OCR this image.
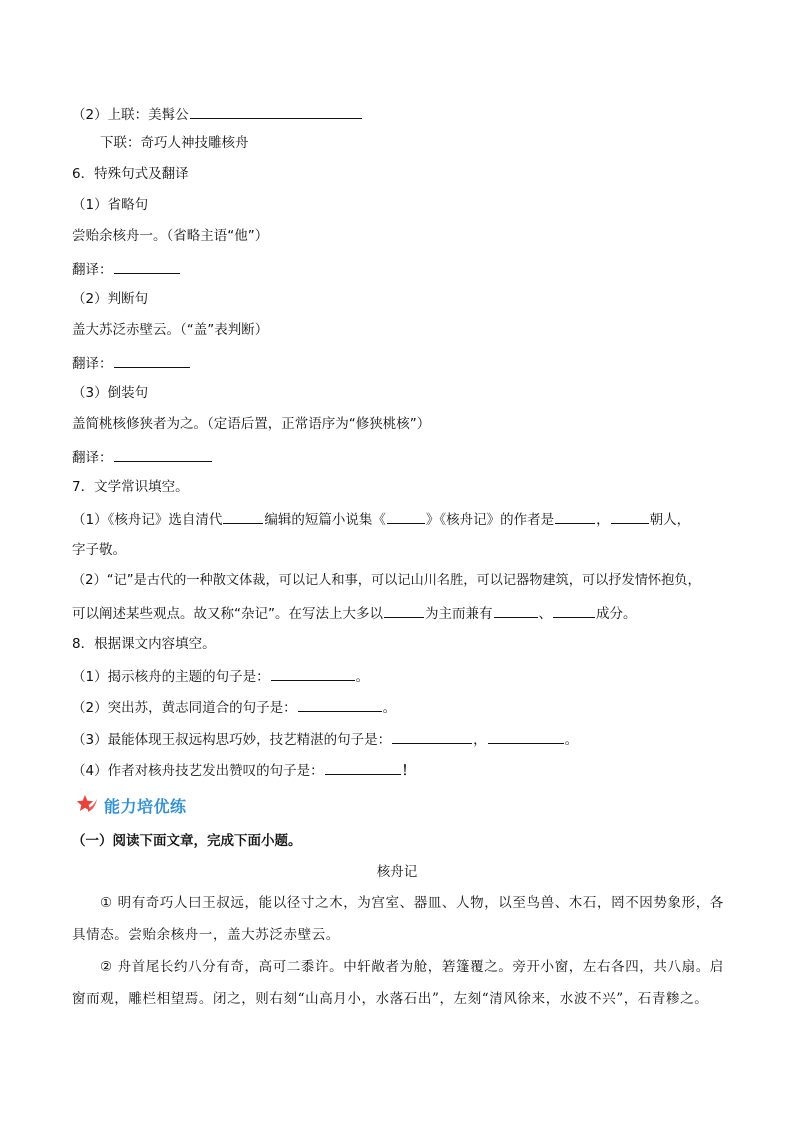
（2）上联：美髯公
下联：奇巧人神技雕核舟
6．特殊句式及翻译
（1）省略句
尝贻余核舟一。（省略主语“他”）
翻译：
（2）判断句
盖大苏泛赤壁云。（“盖”表判断）
翻译：
（3）倒装句
盖简桃核修狭者为之。（定语后置，正常语序为“修狭桃核”）
翻译：
7．文学常识填空。
（1）《核舟记》选自清代	编辑的短篇小说集《	》《核舟记》的作者是	，	朝人，
字子敬。
（2）“记”是古代的一种散文体裁，可以记人和事，可以记山川名胜，可以记器物建筑，可以抒发情怀抱负，
可以阐述某些观点。故又称“杂记”。在写法上大多以	为主而兼有	、	成分。
8．根据课文内容填空。
（1）揭示核舟的主题的句子是：	。
（2）突出苏，黄志同道合的句子是：	。
（3）最能体现王叔远构思巧妙，技艺精湛的句子是：	，	。
（4）作者对核舟技艺发出赞叹的句子是：	！
能力培优练
（一）阅读下面文章，完成下面小题。
核舟记
① 明有奇巧人曰王叔远，能以径寸之木，为宫室、器皿、人物，以至鸟兽、木石，罔不因势象形，各
具情态。尝贻余核舟一，盖大苏泛赤壁云。
② 舟首尾长约八分有奇，高可二黍许。中轩敞者为舱，箬篷覆之。旁开小窗，左右各四，共八扇。启
窗而观，雕栏相望焉。闭之，则右刻“山高月小，水落石出”，左刻“清风徐来，水波不兴”，石青糁之。
